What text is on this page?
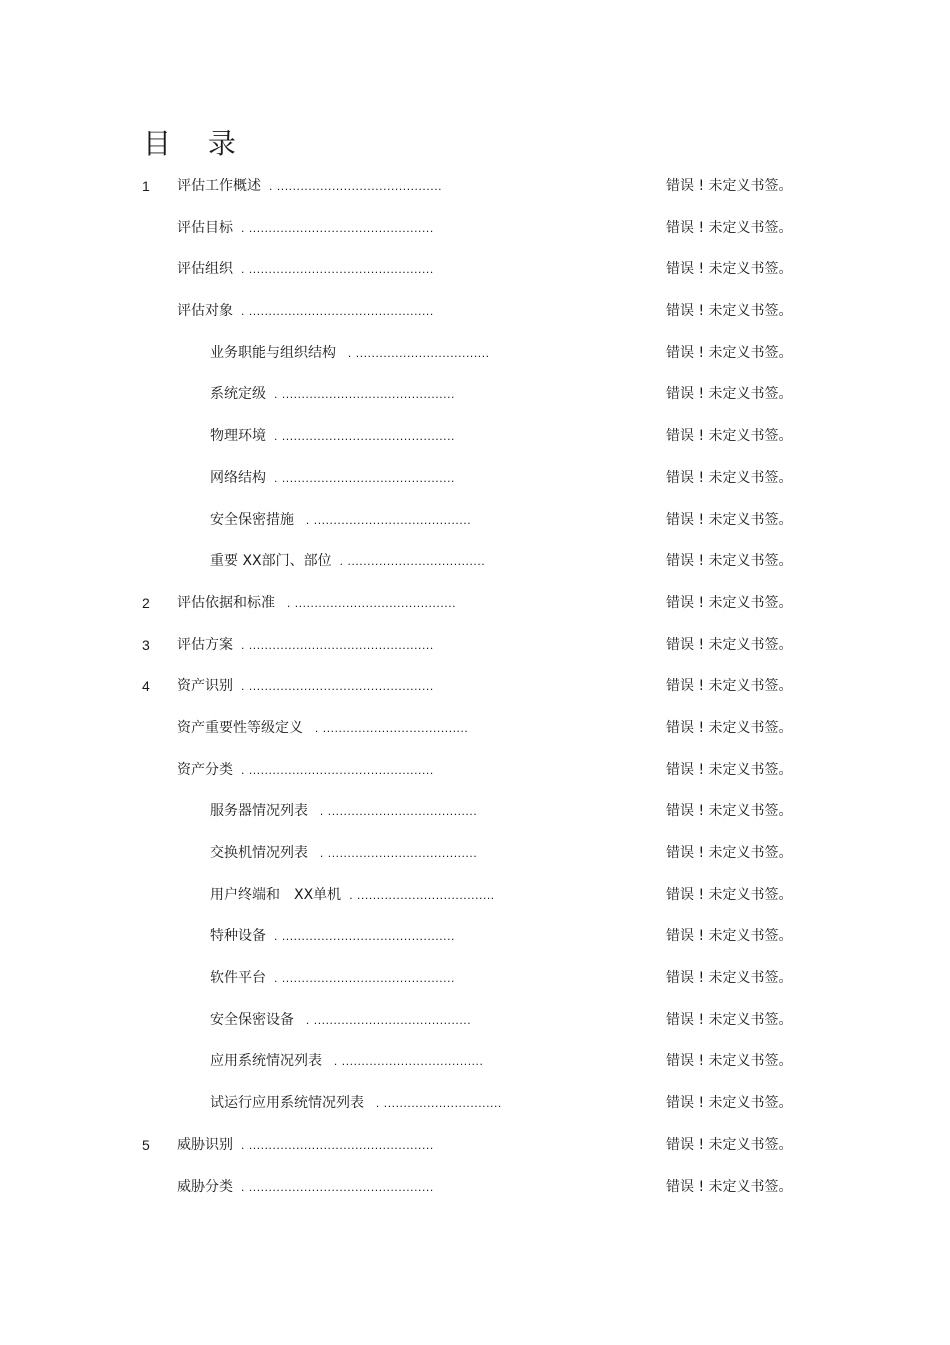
目 录
1 评估工作概述 . ..........................................	错误 ! 未定义书签。
评估目标 . ...............................................	错误 ! 未定义书签。
评估组织 . ...............................................	错误 ! 未定义书签。
评估对象 . ...............................................	错误 ! 未定义书签。
业务职能与组织结构 . ..................................	错误 ! 未定义书签。
系统定级 . ............................................	错误 ! 未定义书签。
物理环境 . ............................................	错误 ! 未定义书签。
网络结构 . ............................................	错误 ! 未定义书签。
安全保密措施 . ........................................	错误 ! 未定义书签。
重要 XX部门、部位 . ...................................	错误 ! 未定义书签。
2 评估依据和标准 . .........................................	错误 ! 未定义书签。
3 评估方案 . ...............................................	错误 ! 未定义书签。
4 资产识别 . ...............................................	错误 ! 未定义书签。
资产重要性等级定义 . .....................................	错误 ! 未定义书签。
资产分类 . ...............................................	错误 ! 未定义书签。
服务器情况列表 . ......................................	错误 ! 未定义书签。
交换机情况列表 . ......................................	错误 ! 未定义书签。
用户终端和　XX单机 . ...................................	错误 ! 未定义书签。
特种设备 . ............................................	错误 ! 未定义书签。
软件平台 . ............................................	错误 ! 未定义书签。
安全保密设备 . ........................................	错误 ! 未定义书签。
应用系统情况列表 . ....................................	错误 ! 未定义书签。
试运行应用系统情况列表 . ..............................	错误 ! 未定义书签。
5 威胁识别 . ...............................................	错误 ! 未定义书签。
威胁分类 . ...............................................	错误 ! 未定义书签。
